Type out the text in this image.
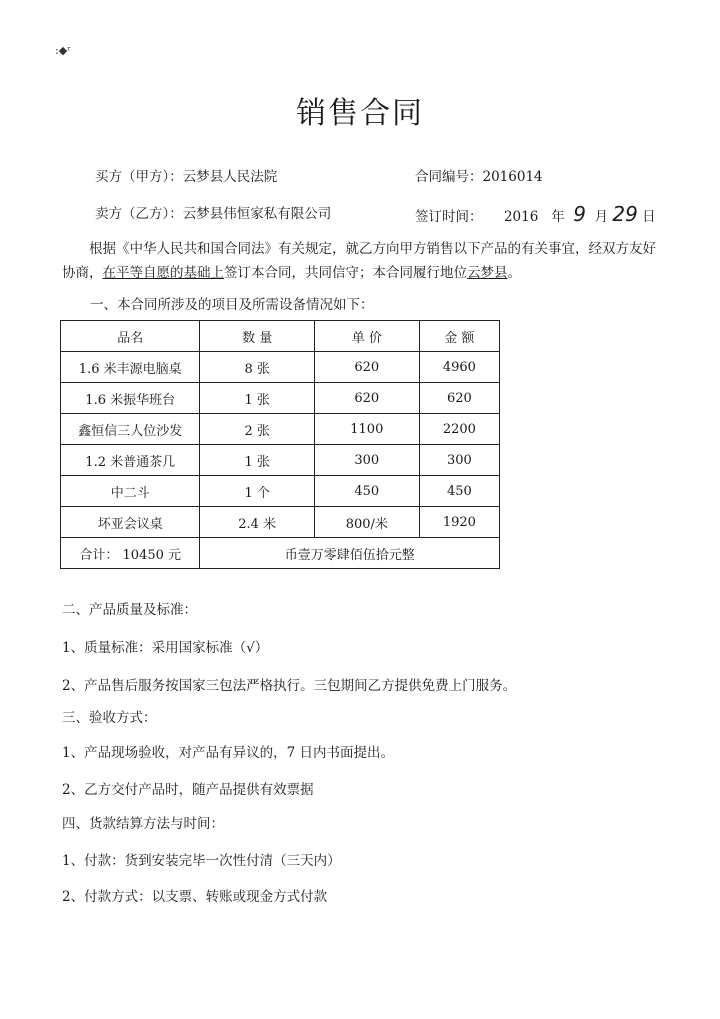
:◆ʳ
销售合同
买方（甲方）：云梦县人民法院	合同编号：2016014
卖方（乙方）：云梦县伟恒家私有限公司	签订时间： 2016 年 9 月 29 日
根据《中华人民共和国合同法》有关规定，就乙方向甲方销售以下产品的有关事宜，经双方友好协商，在平等自愿的基础上签订本合同，共同信守；本合同履行地位云梦县。
一、本合同所涉及的项目及所需设备情况如下：
品名	数 量	单 价	金 额
1.6 米丰源电脑桌	8 张	620	4960
1.6 米振华班台	1 张	620	620
鑫恒信三人位沙发	2 张	1100	2200
1.2 米普通茶几	1 张	300	300
中二斗	1 个	450	450
坏亚会议桌	2.4 米	800/米	1920
合计： 10450 元	币壹万零肆佰伍拾元整		
二、产品质量及标准：
1、质量标准：采用国家标准（√）
2、产品售后服务按国家三包法严格执行。三包期间乙方提供免费上门服务。
三、验收方式：
1、产品现场验收，对产品有异议的，7 日内书面提出。
2、乙方交付产品时，随产品提供有效票据
四、货款结算方法与时间：
1、付款：货到安装完毕一次性付清（三天内）
2、付款方式：以支票、转账或现金方式付款
